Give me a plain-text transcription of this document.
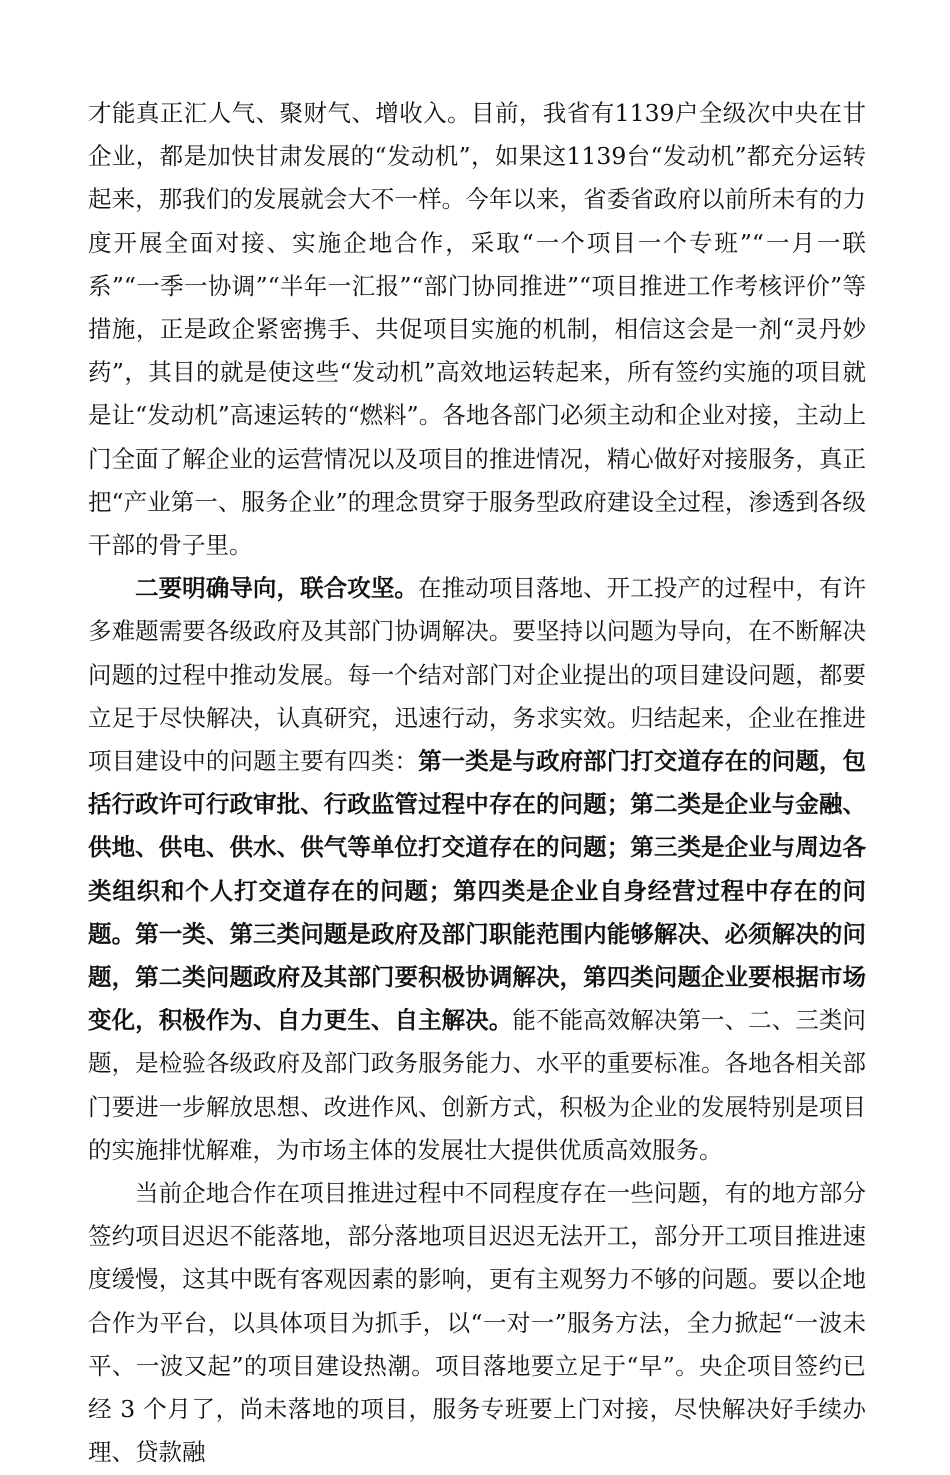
才能真正汇人气、聚财气、增收入。目前，我省有1139户全级次中央在甘企业，都是加快甘肃发展的“发动机”，如果这1139台“发动机”都充分运转起来，那我们的发展就会大不一样。今年以来，省委省政府以前所未有的力度开展全面对接、实施企地合作，采取“一个项目一个专班”“一月一联系”“一季一协调”“半年一汇报”“部门协同推进”“项目推进工作考核评价”等措施，正是政企紧密携手、共促项目实施的机制，相信这会是一剂“灵丹妙药”，其目的就是使这些“发动机”高效地运转起来，所有签约实施的项目就是让“发动机”高速运转的“燃料”。各地各部门必须主动和企业对接，主动上门全面了解企业的运营情况以及项目的推进情况，精心做好对接服务，真正把“产业第一、服务企业”的理念贯穿于服务型政府建设全过程，渗透到各级干部的骨子里。

二要明确导向，联合攻坚。在推动项目落地、开工投产的过程中，有许多难题需要各级政府及其部门协调解决。要坚持以问题为导向，在不断解决问题的过程中推动发展。每一个结对部门对企业提出的项目建设问题，都要立足于尽快解决，认真研究，迅速行动，务求实效。归结起来，企业在推进项目建设中的问题主要有四类：第一类是与政府部门打交道存在的问题，包括行政许可行政审批、行政监管过程中存在的问题；第二类是企业与金融、供地、供电、供水、供气等单位打交道存在的问题；第三类是企业与周边各类组织和个人打交道存在的问题；第四类是企业自身经营过程中存在的问题。第一类、第三类问题是政府及部门职能范围内能够解决、必须解决的问题，第二类问题政府及其部门要积极协调解决，第四类问题企业要根据市场变化，积极作为、自力更生、自主解决。能不能高效解决第一、二、三类问题，是检验各级政府及部门政务服务能力、水平的重要标准。各地各相关部门要进一步解放思想、改进作风、创新方式，积极为企业的发展特别是项目的实施排忧解难，为市场主体的发展壮大提供优质高效服务。

当前企地合作在项目推进过程中不同程度存在一些问题，有的地方部分签约项目迟迟不能落地，部分落地项目迟迟无法开工，部分开工项目推进速度缓慢，这其中既有客观因素的影响，更有主观努力不够的问题。要以企地合作为平台，以具体项目为抓手，以“一对一”服务方法，全力掀起“一波未平、一波又起”的项目建设热潮。项目落地要立足于“早”。央企项目签约已经 3 个月了，尚未落地的项目，服务专班要上门对接，尽快解决好手续办理、贷款融
